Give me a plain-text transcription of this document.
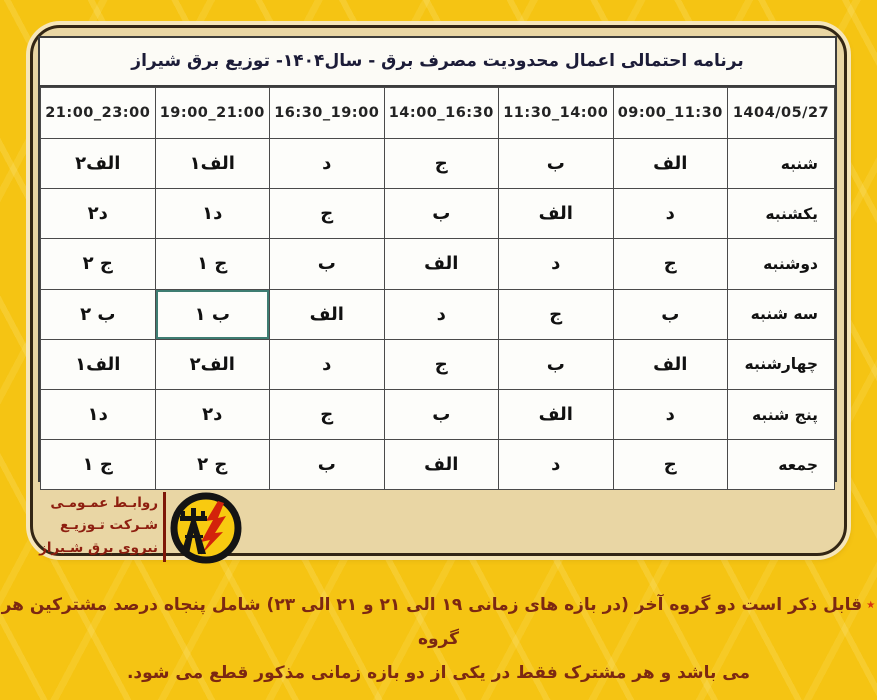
برنامه احتمالی اعمال محدودیت مصرف برق - سال۱۴۰۴- توزیع برق شیراز
1404/05/27	09:00_11:30	11:30_14:00	14:00_16:30	16:30_19:00	19:00_21:00	21:00_23:00
شنبه	الف	ب	ج	د	الف۱	الف۲
یکشنبه	د	الف	ب	ج	د۱	د۲
دوشنبه	ج	د	الف	ب	ج ۱	ج ۲
سه شنبه	ب	ج	د	الف	ب ۱	ب ۲
چهارشنبه	الف	ب	ج	د	الف۲	الف۱
پنج شنبه	د	الف	ب	ج	د۲	د۱
جمعه	ج	د	الف	ب	ج ۲	ج ۱
روابـط عمـومـی
شـرکت تـوزیـع
نیروی برق شـیراز
٭قابل ذکر است دو گروه آخر (در بازه های زمانی ۱۹ الی ۲۱ و ۲۱ الی ۲۳) شامل پنجاه درصد مشترکین هر گروه
می باشد و هر مشترک فقط در یکی از دو بازه زمانی مذکور قطع می شود.
